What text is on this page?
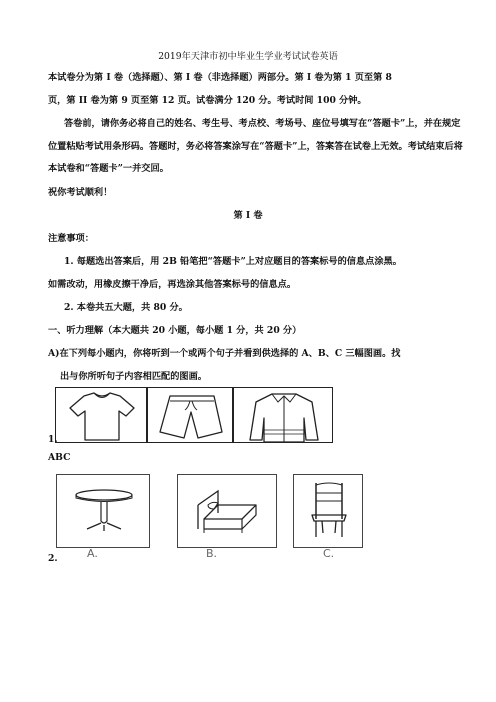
2019年天津市初中毕业生学业考试试卷英语
本试卷分为第 I 卷（选择题）、第 I 卷（非选择题）两部分。第 I 卷为第 1 页至第 8
页，第 II 卷为第 9 页至第 12 页。试卷满分 120 分。考试时间 100 分钟。
答卷前，请你务必将自己的姓名、考生号、考点校、考场号、座位号填写在“答题卡”上，并在规定
位置粘贴考试用条形码。答题时，务必将答案涂写在“答题卡”上，答案答在试卷上无效。考试结束后将
本试卷和“答题卡”一并交回。
祝你考试顺利！
第 I 卷
注意事项：
1. 每题选出答案后，用 2B 铅笔把“答题卡”上对应题目的答案标号的信息点涂黑。
如需改动，用橡皮擦干净后，再选涂其他答案标号的信息点。
2. 本卷共五大题，共 80 分。
一、听力理解（本大题共 20 小题，每小题 1 分，共 20 分）
A)在下列每小题内，你将听到一个或两个句子并看到供选择的 A、B、C 三幅图画。找
出与你所听句子内容相匹配的图画。
1.
ABC
A.	B.	C.
2.
